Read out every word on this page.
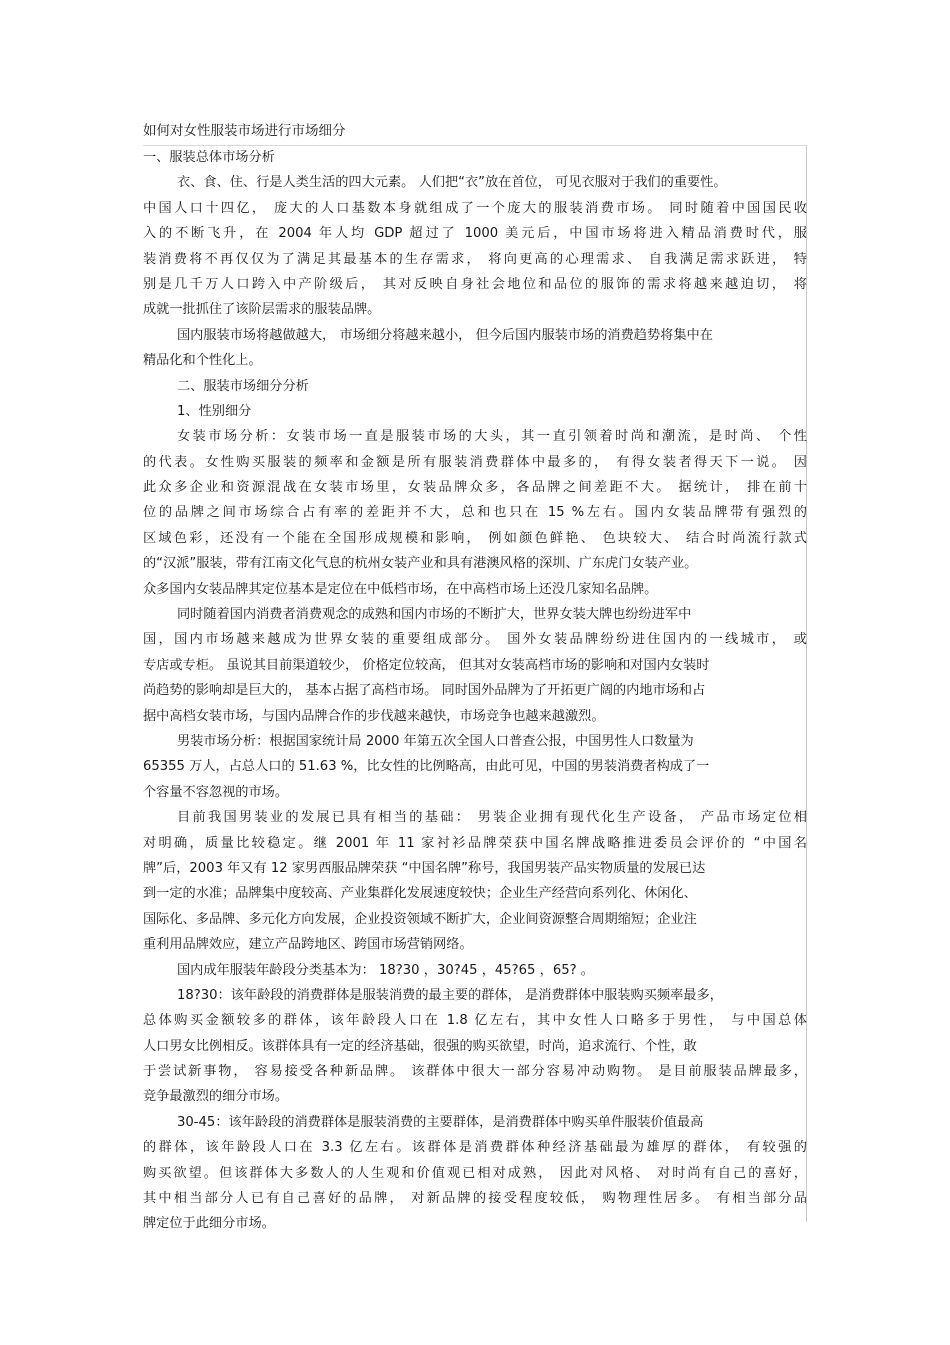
如何对女性服装市场进行市场细分
一、服装总体市场分析
衣、食、住、行是人类生活的四大元素。 人们把“衣”放在首位， 可见衣服对于我们的重要性。
中国人口十四亿， 庞大的人口基数本身就组成了一个庞大的服装消费市场。 同时随着中国国民收
入的不断飞升，在 2004 年人均 GDP 超过了 1000 美元后，中国市场将进入精品消费时代，服
装消费将不再仅仅为了满足其最基本的生存需求， 将向更高的心理需求、 自我满足需求跃进， 特
别是几千万人口跨入中产阶级后， 其对反映自身社会地位和品位的服饰的需求将越来越迫切， 将
成就一批抓住了该阶层需求的服装品牌。
国内服装市场将越做越大， 市场细分将越来越小， 但今后国内服装市场的消费趋势将集中在
精品化和个性化上。
二、服装市场细分分析
1、性别细分
女装市场分析：女装市场一直是服装市场的大头，其一直引领着时尚和潮流，是时尚、 个性
的代表。女性购买服装的频率和金额是所有服装消费群体中最多的， 有得女装者得天下一说。 因
此众多企业和资源混战在女装市场里，女装品牌众多，各品牌之间差距不大。 据统计， 排在前十
位的品牌之间市场综合占有率的差距并不大，总和也只在 15 %左右。国内女装品牌带有强烈的
区域色彩，还没有一个能在全国形成规模和影响， 例如颜色鲜艳、 色块较大、 结合时尚流行款式
的“汉派”服装，带有江南文化气息的杭州女装产业和具有港澳风格的深圳、广东虎门女装产业。
众多国内女装品牌其定位基本是定位在中低档市场，在中高档市场上还没几家知名品牌。
同时随着国内消费者消费观念的成熟和国内市场的不断扩大，世界女装大牌也纷纷进军中
国，国内市场越来越成为世界女装的重要组成部分。 国外女装品牌纷纷进住国内的一线城市， 或
专店或专柜。 虽说其目前渠道较少， 价格定位较高， 但其对女装高档市场的影响和对国内女装时
尚趋势的影响却是巨大的， 基本占据了高档市场。 同时国外品牌为了开拓更广阔的内地市场和占
据中高档女装市场，与国内品牌合作的步伐越来越快，市场竞争也越来越激烈。
男装市场分析：根据国家统计局 2000 年第五次全国人口普查公报，中国男性人口数量为
65355 万人，占总人口的 51.63 %，比女性的比例略高，由此可见，中国的男装消费者构成了一
个容量不容忽视的市场。
目前我国男装业的发展已具有相当的基础： 男装企业拥有现代化生产设备， 产品市场定位相
对明确，质量比较稳定。继 2001 年 11 家衬衫品牌荣获中国名牌战略推进委员会评价的 “中国名
牌”后，2003 年又有 12 家男西服品牌荣获 “中国名牌”称号，我国男装产品实物质量的发展已达
到一定的水准；品牌集中度较高、产业集群化发展速度较快；企业生产经营向系列化、休闲化、
国际化、多品牌、多元化方向发展，企业投资领域不断扩大，企业间资源整合周期缩短；企业注
重利用品牌效应，建立产品跨地区、跨国市场营销网络。
国内成年服装年龄段分类基本为： 18?30 ，30?45 ，45?65 ，65? 。
18?30：该年龄段的消费群体是服装消费的最主要的群体， 是消费群体中服装购买频率最多，
总体购买金额较多的群体，该年龄段人口在 1.8 亿左右，其中女性人口略多于男性， 与中国总体
人口男女比例相反。该群体具有一定的经济基础，很强的购买欲望，时尚，追求流行、个性，敢
于尝试新事物， 容易接受各种新品牌。 该群体中很大一部分容易冲动购物。 是目前服装品牌最多，
竞争最激烈的细分市场。
30-45：该年龄段的消费群体是服装消费的主要群体，是消费群体中购买单件服装价值最高
的群体，该年龄段人口在 3.3 亿左右。该群体是消费群体种经济基础最为雄厚的群体， 有较强的
购买欲望。但该群体大多数人的人生观和价值观已相对成熟， 因此对风格、 对时尚有自己的喜好，
其中相当部分人已有自己喜好的品牌， 对新品牌的接受程度较低， 购物理性居多。 有相当部分品
牌定位于此细分市场。
